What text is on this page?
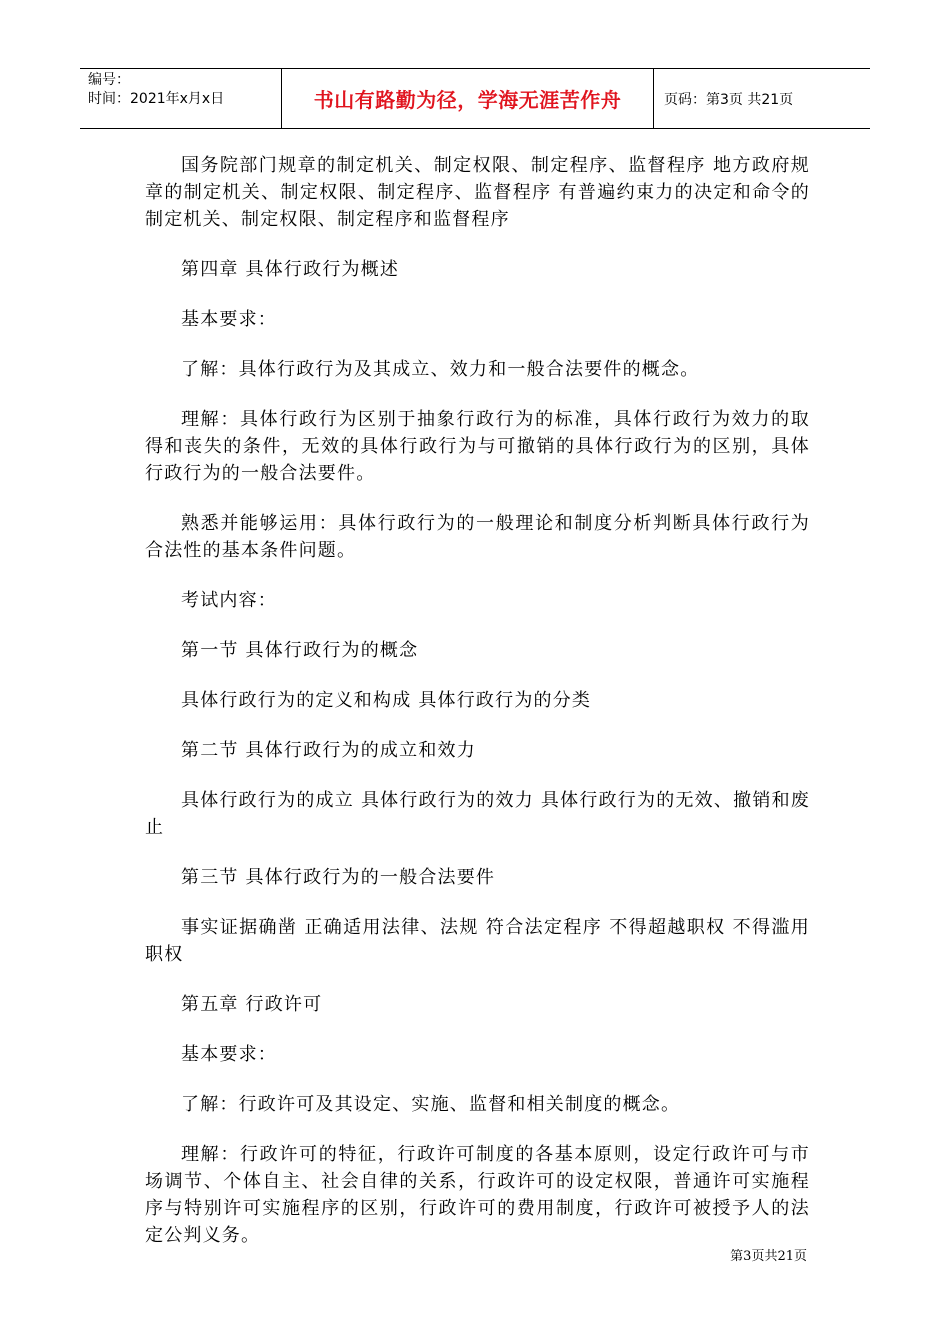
编号：
时间：2021年x月x日	书山有路勤为径，学海无涯苦作舟	页码：第3页 共21页

国务院部门规章的制定机关、制定权限、制定程序、监督程序 地方政府规章的制定机关、制定权限、制定程序、监督程序 有普遍约束力的决定和命令的制定机关、制定权限、制定程序和监督程序

第四章 具体行政行为概述

基本要求：

了解：具体行政行为及其成立、效力和一般合法要件的概念。

理解：具体行政行为区别于抽象行政行为的标准，具体行政行为效力的取得和丧失的条件，无效的具体行政行为与可撤销的具体行政行为的区别，具体行政行为的一般合法要件。

熟悉并能够运用：具体行政行为的一般理论和制度分析判断具体行政行为合法性的基本条件问题。

考试内容：

第一节 具体行政行为的概念

具体行政行为的定义和构成 具体行政行为的分类

第二节 具体行政行为的成立和效力

具体行政行为的成立 具体行政行为的效力 具体行政行为的无效、撤销和废止

第三节 具体行政行为的一般合法要件

事实证据确凿 正确适用法律、法规 符合法定程序 不得超越职权 不得滥用职权

第五章 行政许可

基本要求：

了解：行政许可及其设定、实施、监督和相关制度的概念。

理解：行政许可的特征，行政许可制度的各基本原则，设定行政许可与市场调节、个体自主、社会自律的关系，行政许可的设定权限，普通许可实施程序与特别许可实施程序的区别，行政许可的费用制度，行政许可被授予人的法定公判义务。

第3页共21页
